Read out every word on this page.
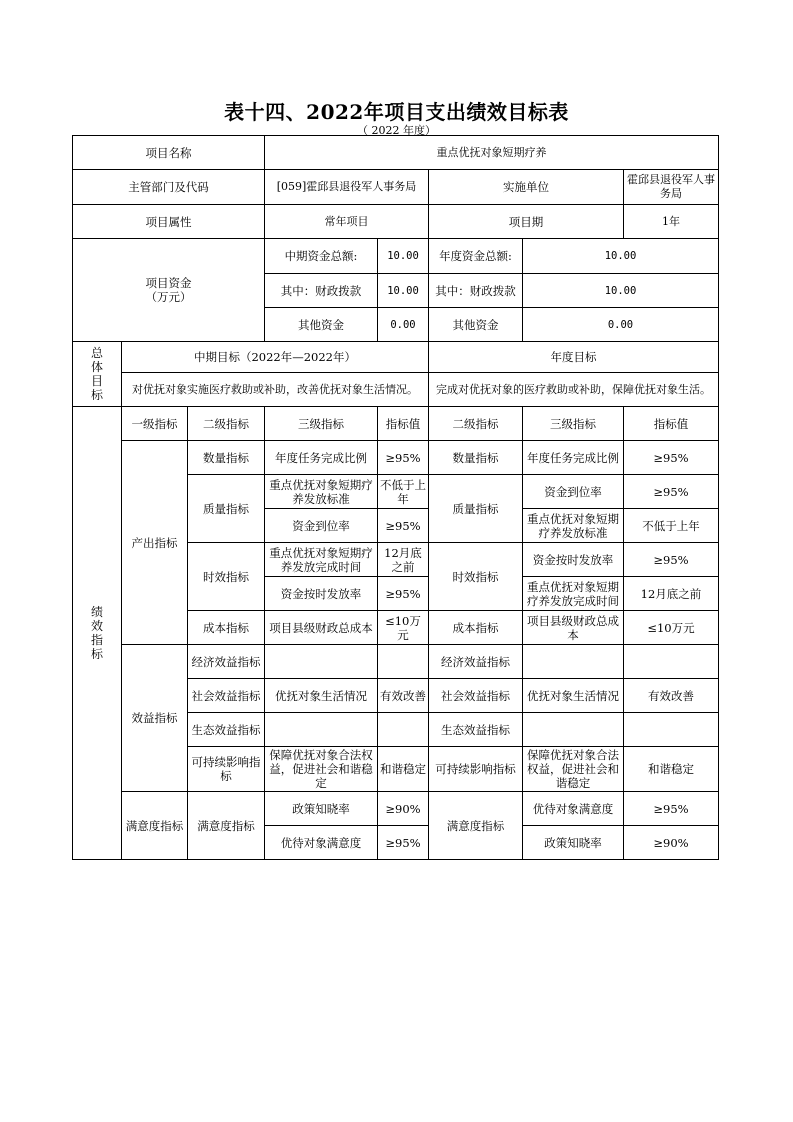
表十四、2022年项目支出绩效目标表
（ 2022 年度）
项目名称			重点优抚对象短期疗养				
主管部门及代码			[059]霍邱县退役军人事务局		实施单位		霍邱县退役军人事务局
项目属性			常年项目		项目期		1年
项目资金
（万元）			中期资金总额:	10.00	年度资金总额:	10.00	
			其中：财政拨款	10.00	其中：财政拨款	10.00	
			其他资金	0.00	其他资金	0.00	

总
体
目
标	中期目标（2022年—2022年）				年度目标		
	对优抚对象实施医疗救助或补助，改善优抚对象生活情况。				完成对优抚对象的医疗救助或补助，保障优抚对象生活。		

绩
效
指
标	一级指标	二级指标	三级指标	指标值	二级指标	三级指标	指标值
	产出指标	数量指标	年度任务完成比例	≥95%	数量指标	年度任务完成比例	≥95%
		质量指标	重点优抚对象短期疗养发放标准	不低于上年	质量指标	资金到位率	≥95%
			资金到位率	≥95%		重点优抚对象短期疗养发放标准	不低于上年
		时效指标	重点优抚对象短期疗养发放完成时间	12月底之前	时效指标	资金按时发放率	≥95%
			资金按时发放率	≥95%		重点优抚对象短期疗养发放完成时间	12月底之前
		成本指标	项目县级财政总成本	≤10万元	成本指标	项目县级财政总成本	≤10万元
	效益指标	经济效益指标			经济效益指标		
		社会效益指标	优抚对象生活情况	有效改善	社会效益指标	优抚对象生活情况	有效改善
		生态效益指标			生态效益指标		
		可持续影响指标	保障优抚对象合法权益，促进社会和谐稳定	和谐稳定	可持续影响指标	保障优抚对象合法权益，促进社会和谐稳定	和谐稳定

	满意度指标	满意度指标	政策知晓率	≥90%	满意度指标	优待对象满意度	≥95%
			优待对象满意度	≥95%		政策知晓率	≥90%
